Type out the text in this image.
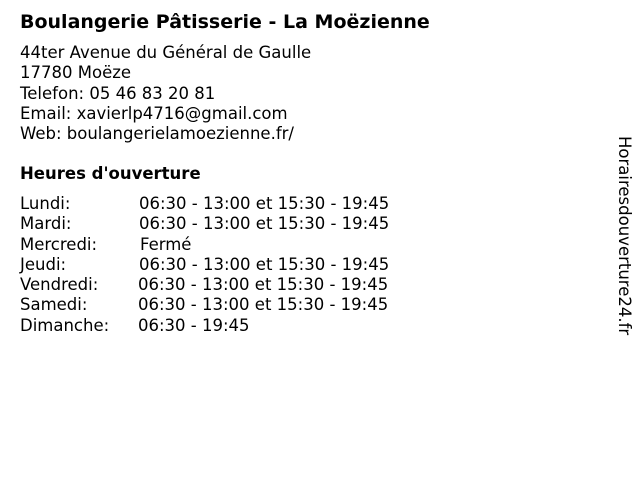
Boulangerie Pâtisserie - La Moëzienne
44ter Avenue du Général de Gaulle
17780 Moëze
Telefon: 05 46 83 20 81
Email: xavierlp4716@gmail.com
Web: boulangerielamoezienne.fr/
Heures d'ouverture
Lundi:	06:30 - 13:00 et 15:30 - 19:45
Mardi:	06:30 - 13:00 et 15:30 - 19:45
Mercredi:	Fermé
Jeudi:	06:30 - 13:00 et 15:30 - 19:45
Vendredi: 06:30 - 13:00 et 15:30 - 19:45
Samedi:	06:30 - 13:00 et 15:30 - 19:45
Dimanche: 06:30 - 19:45	Horairesdouverture24.fr
